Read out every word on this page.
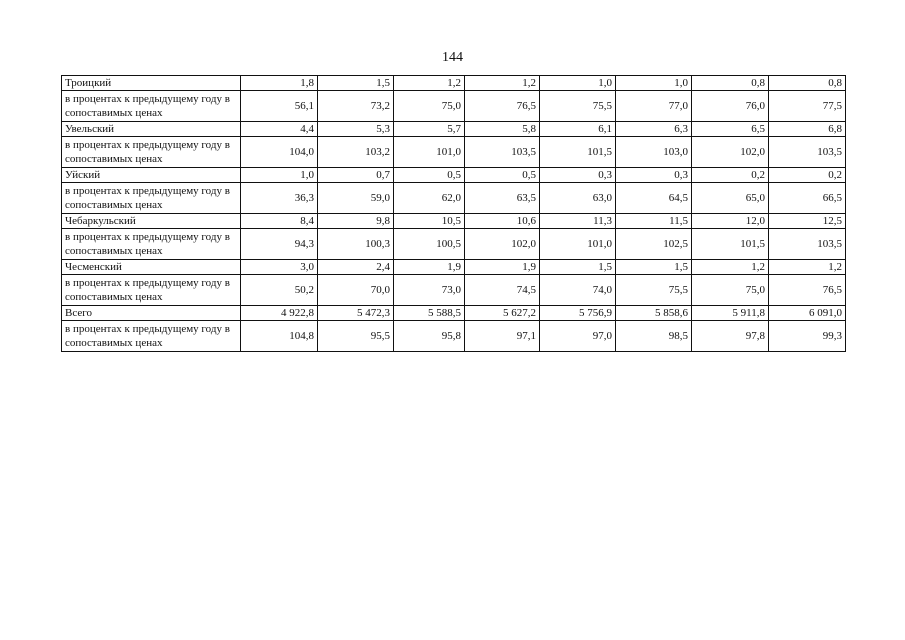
144
Троицкий	1,8	1,5	1,2	1,2	1,0	1,0	0,8	0,8
в процентах к предыдущему году в сопоставимых ценах	56,1	73,2	75,0	76,5	75,5	77,0	76,0	77,5
Увельский	4,4	5,3	5,7	5,8	6,1	6,3	6,5	6,8
в процентах к предыдущему году в сопоставимых ценах	104,0	103,2	101,0	103,5	101,5	103,0	102,0	103,5
Уйский	1,0	0,7	0,5	0,5	0,3	0,3	0,2	0,2
в процентах к предыдущему году в сопоставимых ценах	36,3	59,0	62,0	63,5	63,0	64,5	65,0	66,5
Чебаркульский	8,4	9,8	10,5	10,6	11,3	11,5	12,0	12,5
в процентах к предыдущему году в сопоставимых ценах	94,3	100,3	100,5	102,0	101,0	102,5	101,5	103,5
Чесменский	3,0	2,4	1,9	1,9	1,5	1,5	1,2	1,2
в процентах к предыдущему году в сопоставимых ценах	50,2	70,0	73,0	74,5	74,0	75,5	75,0	76,5
Всего	4 922,8	5 472,3	5 588,5	5 627,2	5 756,9	5 858,6	5 911,8	6 091,0
в процентах к предыдущему году в сопоставимых ценах	104,8	95,5	95,8	97,1	97,0	98,5	97,8	99,3
